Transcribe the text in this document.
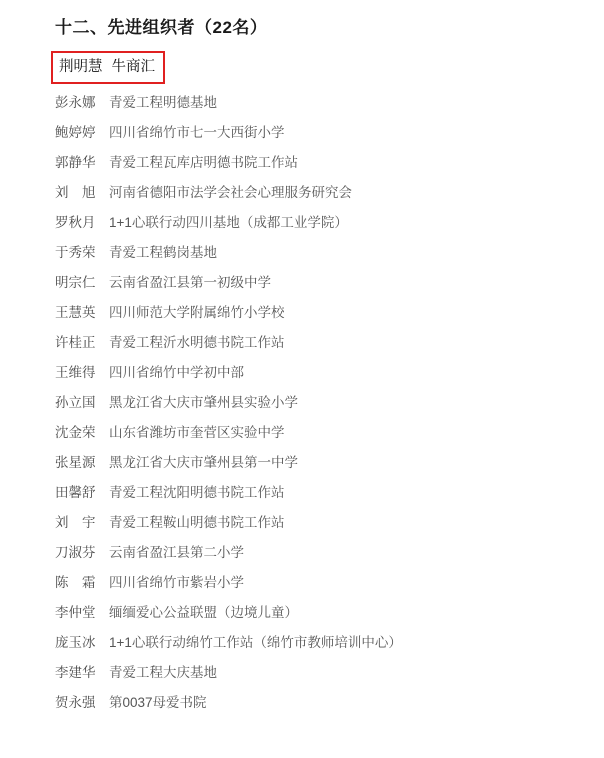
十二、先进组织者（22名）
荆明慧 牛商汇
彭永娜	青爱工程明德基地
鲍婷婷	四川省绵竹市七一大西街小学
郭静华	青爱工程瓦库店明德书院工作站
刘　旭	河南省德阳市法学会社会心理服务研究会
罗秋月	1+1心联行动四川基地（成都工业学院）
于秀荣	青爱工程鹤岗基地
明宗仁	云南省盈江县第一初级中学
王慧英	四川师范大学附属绵竹小学校
许桂正	青爱工程沂水明德书院工作站
王维得	四川省绵竹中学初中部
孙立国	黑龙江省大庆市肇州县实验小学
沈金荣	山东省潍坊市奎菅区实验中学
张星源	黑龙江省大庆市肇州县第一中学
田馨舒	青爱工程沈阳明德书院工作站
刘　宇	青爱工程鞍山明德书院工作站
刀淑芬	云南省盈江县第二小学
陈　霜	四川省绵竹市紫岩小学
李仲堂	缅缅爱心公益联盟（边境儿童）
庞玉冰	1+1心联行动绵竹工作站（绵竹市教师培训中心）
李建华	青爱工程大庆基地
贺永强	第0037母爱书院
